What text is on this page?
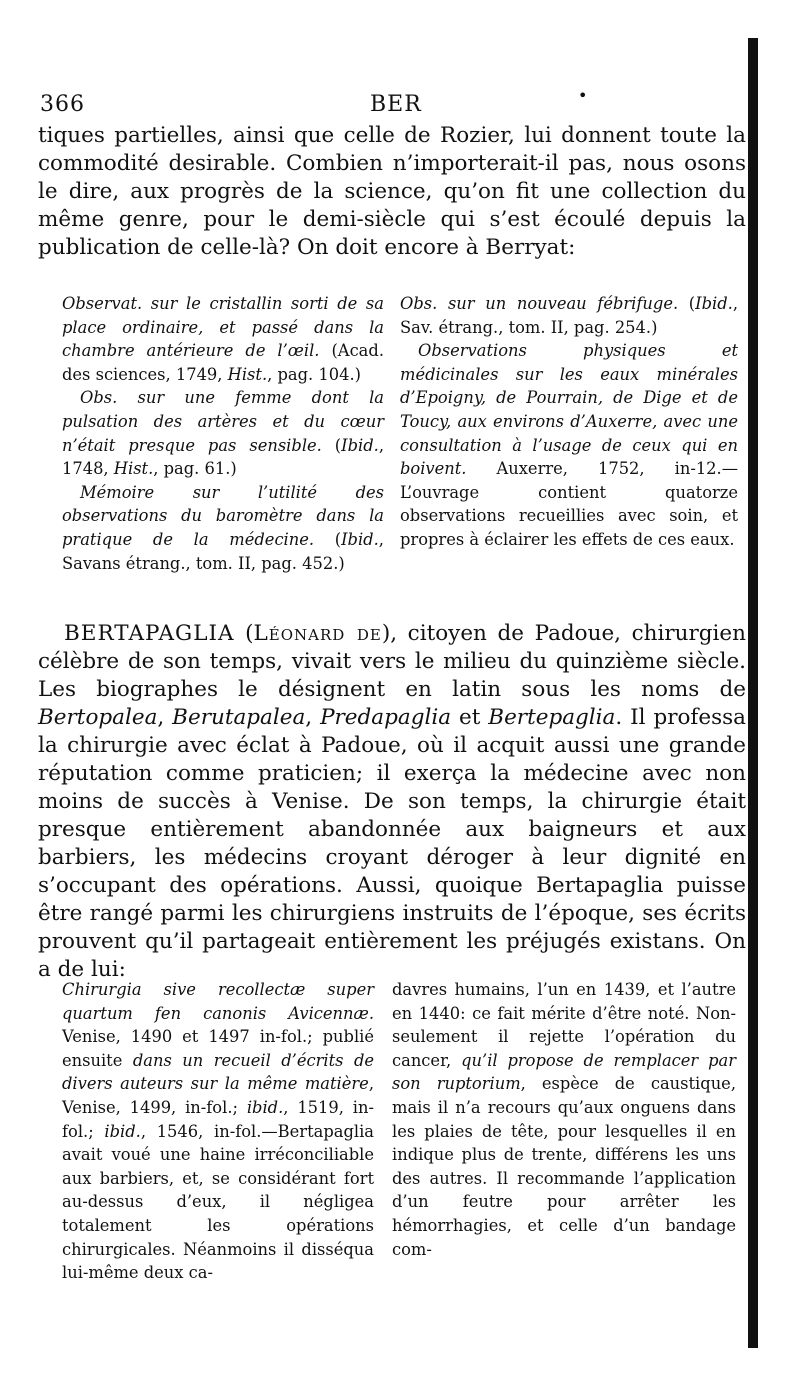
366	BER	•

tiques partielles, ainsi que celle de Rozier, lui donnent toute la commodité desirable. Combien n’importerait-il pas, nous osons le dire, aux progrès de la science, qu’on fit une collection du même genre, pour le demi-siècle qui s’est écoulé depuis la publication de celle-là? On doit encore à Berryat:

Observat. sur le cristallin sorti de sa place ordinaire, et passé dans la chambre antérieure de l’œil. (Acad. des sciences, 1749, Hist., pag. 104.)
Obs. sur une femme dont la pulsation des artères et du cœur n’était presque pas sensible. (Ibid., 1748, Hist., pag. 61.)
Mémoire sur l’utilité des observations du baromètre dans la pratique de la médecine. (Ibid., Savans étrang., tom. II, pag. 452.)
Obs. sur un nouveau fébrifuge. (Ibid., Sav. étrang., tom. II, pag. 254.)
Observations physiques et médicinales sur les eaux minérales d’Epoigny, de Pourrain, de Dige et de Toucy, aux environs d’Auxerre, avec une consultation à l’usage de ceux qui en boivent. Auxerre, 1752, in-12.—L’ouvrage contient quatorze observations recueillies avec soin, et propres à éclairer les effets de ces eaux.

BERTAPAGLIA (Léonard de), citoyen de Padoue, chirurgien célèbre de son temps, vivait vers le milieu du quinzième siècle. Les biographes le désignent en latin sous les noms de Bertopalea, Berutapalea, Predapaglia et Bertepaglia. Il professa la chirurgie avec éclat à Padoue, où il acquit aussi une grande réputation comme praticien; il exerça la médecine avec non moins de succès à Venise. De son temps, la chirurgie était presque entièrement abandonnée aux baigneurs et aux barbiers, les médecins croyant déroger à leur dignité en s’occupant des opérations. Aussi, quoique Bertapaglia puisse être rangé parmi les chirurgiens instruits de l’époque, ses écrits prouvent qu’il partageait entièrement les préjugés existans. On a de lui:

Chirurgia sive recollectæ super quartum fen canonis Avicennæ. Venise, 1490 et 1497 in-fol.; publié ensuite dans un recueil d’écrits de divers auteurs sur la même matière, Venise, 1499, in-fol.; ibid., 1519, in-fol.; ibid., 1546, in-fol.—Bertapaglia avait voué une haine irréconciliable aux barbiers, et, se considérant fort au-dessus d’eux, il négligea totalement les opérations chirurgicales. Néanmoins il disséqua lui-même deux ca-
davres humains, l’un en 1439, et l’autre en 1440: ce fait mérite d’être noté. Non-seulement il rejette l’opération du cancer, qu’il propose de remplacer par son ruptorium, espèce de caustique, mais il n’a recours qu’aux onguens dans les plaies de tête, pour lesquelles il en indique plus de trente, différens les uns des autres. Il recommande l’application d’un feutre pour arrêter les hémorrhagies, et celle d’un bandage com-
